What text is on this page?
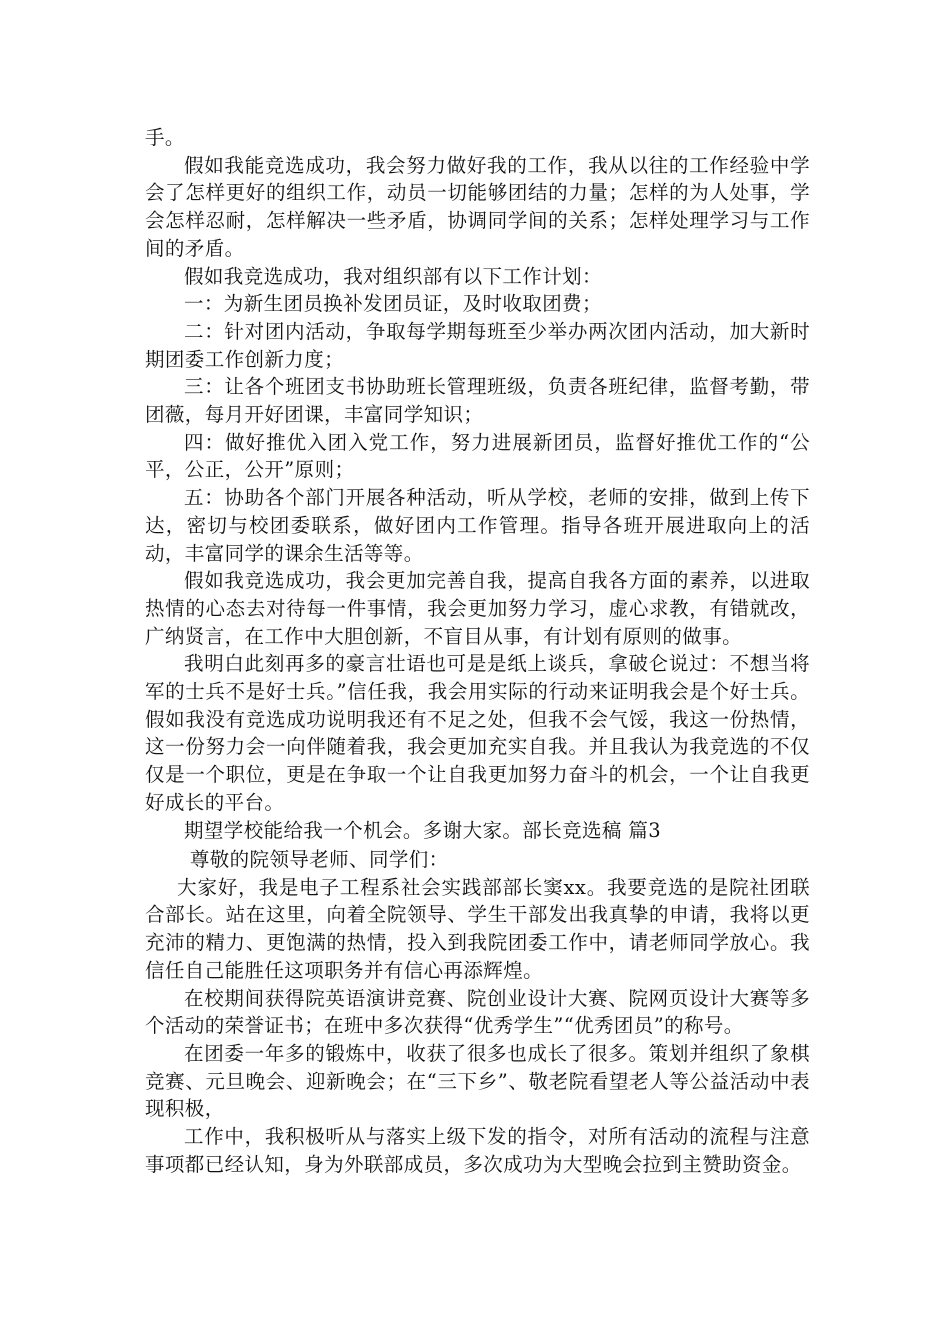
手。

假如我能竞选成功，我会努力做好我的工作，我从以往的工作经验中学会了怎样更好的组织工作，动员一切能够团结的力量；怎样的为人处事，学会怎样忍耐，怎样解决一些矛盾，协调同学间的关系；怎样处理学习与工作间的矛盾。

假如我竞选成功，我对组织部有以下工作计划：

一：为新生团员换补发团员证，及时收取团费；

二：针对团内活动，争取每学期每班至少举办两次团内活动，加大新时期团委工作创新力度；

三：让各个班团支书协助班长管理班级，负责各班纪律，监督考勤，带团薇，每月开好团课，丰富同学知识；

四：做好推优入团入党工作，努力进展新团员，监督好推优工作的“公平，公正，公开”原则；

五：协助各个部门开展各种活动，听从学校，老师的安排，做到上传下达，密切与校团委联系，做好团内工作管理。指导各班开展进取向上的活动，丰富同学的课余生活等等。

假如我竞选成功，我会更加完善自我，提高自我各方面的素养，以进取热情的心态去对待每一件事情，我会更加努力学习，虚心求教，有错就改，广纳贤言，在工作中大胆创新，不盲目从事，有计划有原则的做事。

我明白此刻再多的豪言壮语也可是是纸上谈兵，拿破仑说过：不想当将军的士兵不是好士兵。”信任我，我会用实际的行动来证明我会是个好士兵。假如我没有竞选成功说明我还有不足之处，但我不会气馁，我这一份热情，这一份努力会一向伴随着我，我会更加充实自我。并且我认为我竞选的不仅仅是一个职位，更是在争取一个让自我更加努力奋斗的机会，一个让自我更好成长的平台。

期望学校能给我一个机会。多谢大家。部长竞选稿 篇3

尊敬的院领导老师、同学们：

大家好，我是电子工程系社会实践部部长窦xx。我要竞选的是院社团联合部长。站在这里，向着全院领导、学生干部发出我真挚的申请，我将以更充沛的精力、更饱满的热情，投入到我院团委工作中，请老师同学放心。我信任自己能胜任这项职务并有信心再添辉煌。

在校期间获得院英语演讲竞赛、院创业设计大赛、院网页设计大赛等多个活动的荣誉证书；在班中多次获得“优秀学生”“优秀团员”的称号。

在团委一年多的锻炼中，收获了很多也成长了很多。策划并组织了象棋竞赛、元旦晚会、迎新晚会；在“三下乡”、敬老院看望老人等公益活动中表现积极，

工作中，我积极听从与落实上级下发的指令，对所有活动的流程与注意事项都已经认知，身为外联部成员，多次成功为大型晚会拉到主赞助资金。
